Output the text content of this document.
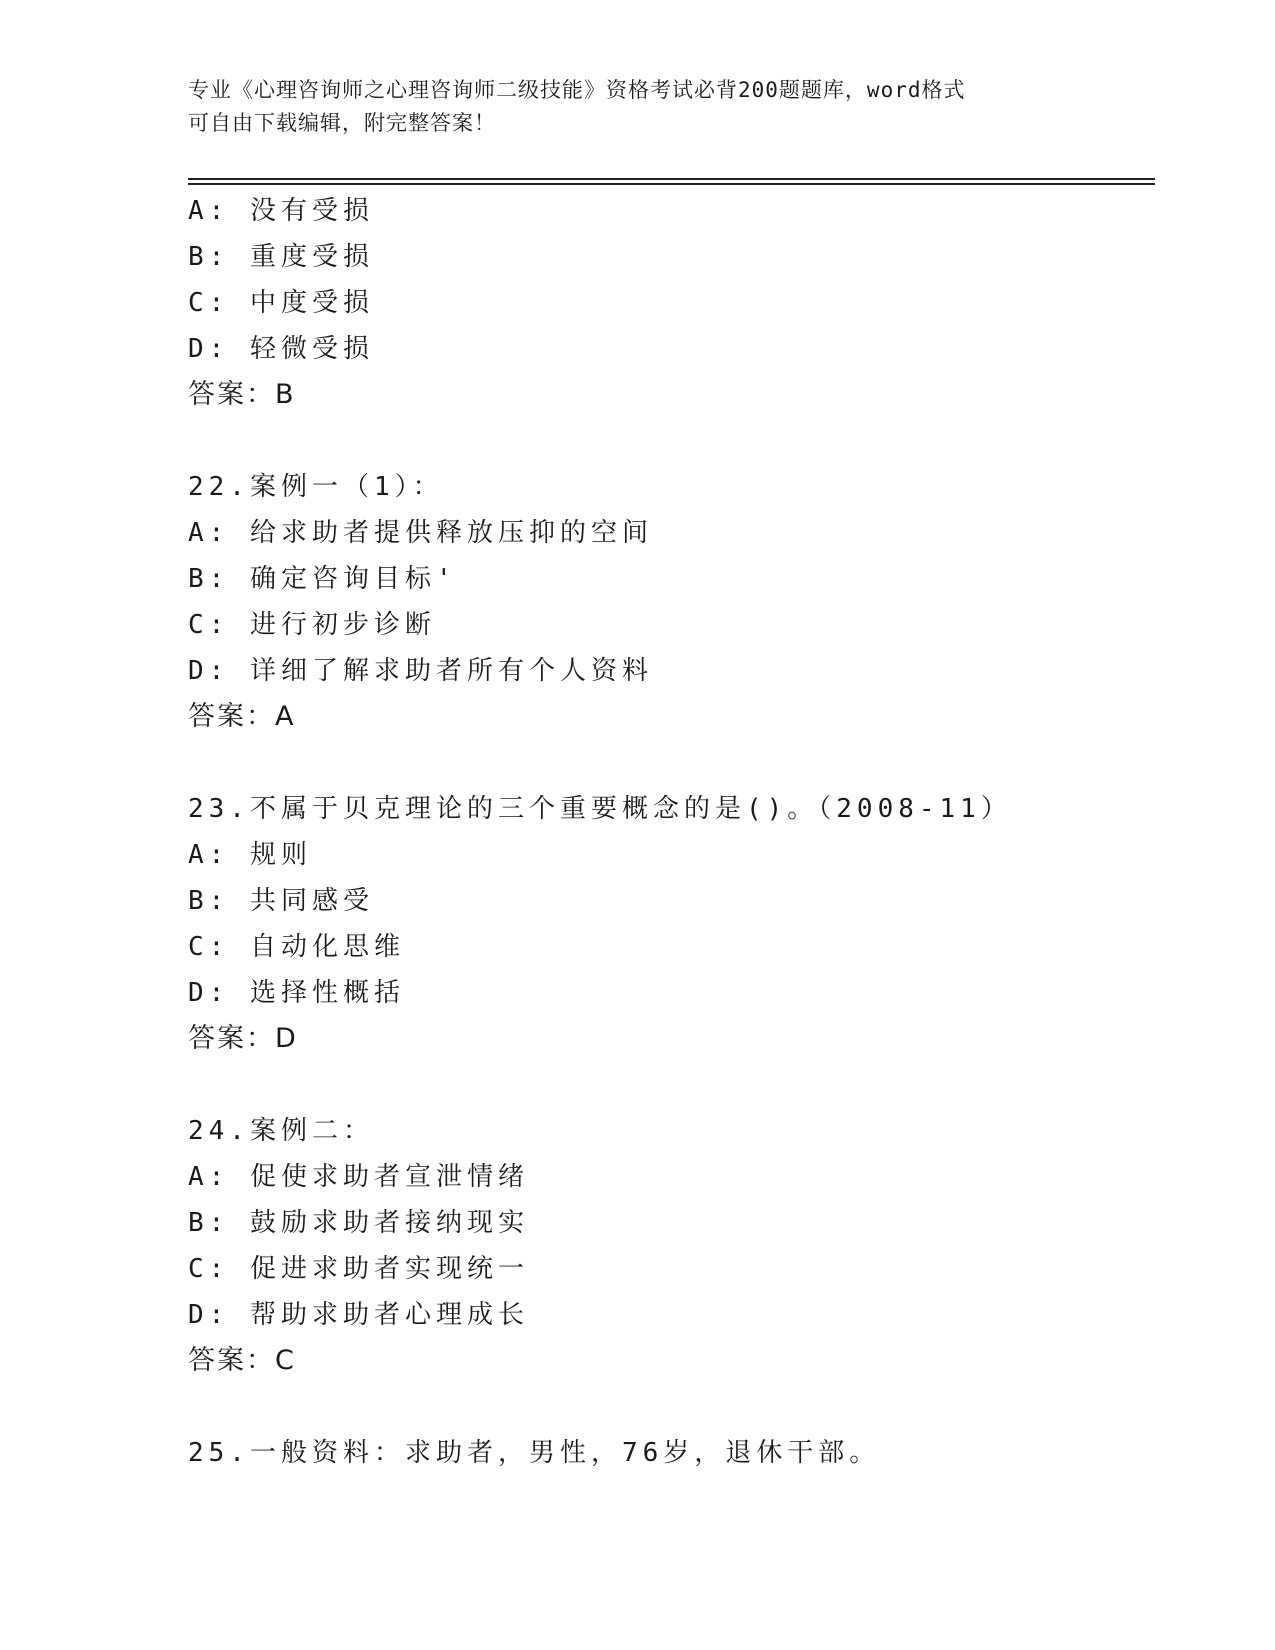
专业《心理咨询师之心理咨询师二级技能》资格考试必背200题题库，word格式
可自由下载编辑，附完整答案！
A: 没有受损
B: 重度受损
C: 中度受损
D: 轻微受损
答案：B
22.案例一（1）：
A: 给求助者提供释放压抑的空间
B: 确定咨询目标'
C: 进行初步诊断
D: 详细了解求助者所有个人资料
答案：A
23.不属于贝克理论的三个重要概念的是()。（2008-11）
A: 规则
B: 共同感受
C: 自动化思维
D: 选择性概括
答案：D
24.案例二：
A: 促使求助者宣泄情绪
B: 鼓励求助者接纳现实
C: 促进求助者实现统一
D: 帮助求助者心理成长
答案：C
25.一般资料：求助者，男性，76岁，退休干部。
